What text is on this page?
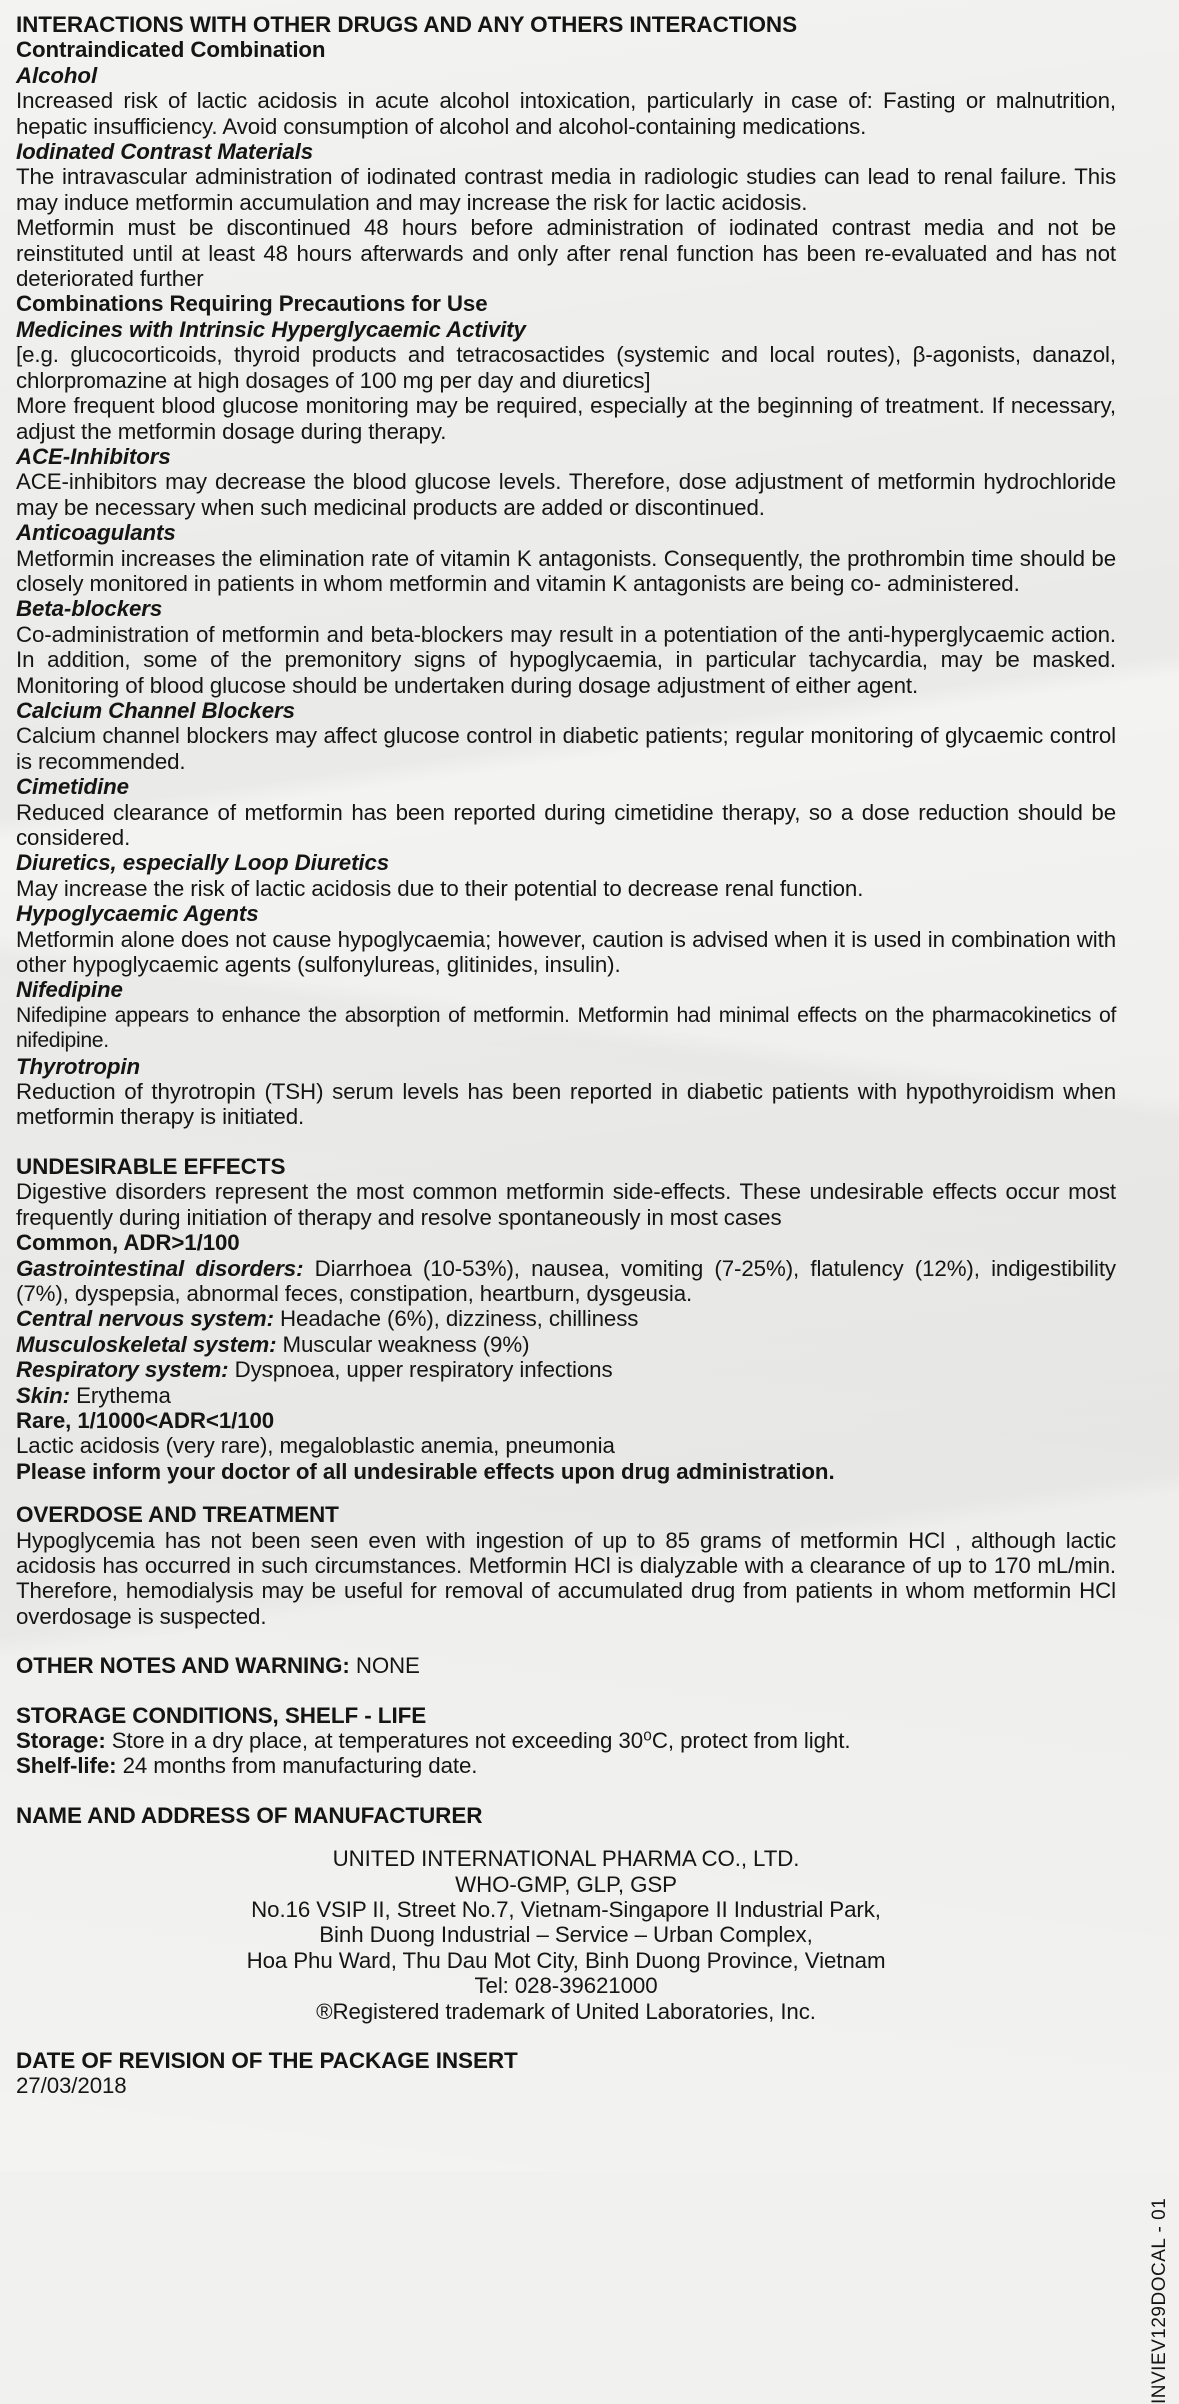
INTERACTIONS WITH OTHER DRUGS AND ANY OTHERS INTERACTIONS

Contraindicated Combination

Alcohol

Increased risk of lactic acidosis in acute alcohol intoxication, particularly in case of: Fasting or malnutrition, hepatic insufficiency. Avoid consumption of alcohol and alcohol-containing medications.

Iodinated Contrast Materials

The intravascular administration of iodinated contrast media in radiologic studies can lead to renal failure. This may induce metformin accumulation and may increase the risk for lactic acidosis.

Metformin must be discontinued 48 hours before administration of iodinated contrast media and not be reinstituted until at least 48 hours afterwards and only after renal function has been re-evaluated and has not deteriorated further

Combinations Requiring Precautions for Use

Medicines with Intrinsic Hyperglycaemic Activity

[e.g. glucocorticoids, thyroid products and tetracosactides (systemic and local routes), β-agonists, danazol, chlorpromazine at high dosages of 100 mg per day and diuretics]

More frequent blood glucose monitoring may be required, especially at the beginning of treatment. If necessary, adjust the metformin dosage during therapy.

ACE-Inhibitors

ACE-inhibitors may decrease the blood glucose levels. Therefore, dose adjustment of metformin hydrochloride may be necessary when such medicinal products are added or discontinued.

Anticoagulants

Metformin increases the elimination rate of vitamin K antagonists. Consequently, the prothrombin time should be closely monitored in patients in whom metformin and vitamin K antagonists are being co- administered.

Beta-blockers

Co-administration of metformin and beta-blockers may result in a potentiation of the anti-hyperglycaemic action. In addition, some of the premonitory signs of hypoglycaemia, in particular tachycardia, may be masked. Monitoring of blood glucose should be undertaken during dosage adjustment of either agent.

Calcium Channel Blockers

Calcium channel blockers may affect glucose control in diabetic patients; regular monitoring of glycaemic control is recommended.

Cimetidine

Reduced clearance of metformin has been reported during cimetidine therapy, so a dose reduction should be considered.

Diuretics, especially Loop Diuretics

May increase the risk of lactic acidosis due to their potential to decrease renal function.

Hypoglycaemic Agents

Metformin alone does not cause hypoglycaemia; however, caution is advised when it is used in combination with other hypoglycaemic agents (sulfonylureas, glitinides, insulin).

Nifedipine

Nifedipine appears to enhance the absorption of metformin. Metformin had minimal effects on the pharmacokinetics of nifedipine.

Thyrotropin

Reduction of thyrotropin (TSH) serum levels has been reported in diabetic patients with hypothyroidism when metformin therapy is initiated.

UNDESIRABLE EFFECTS

Digestive disorders represent the most common metformin side-effects. These undesirable effects occur most frequently during initiation of therapy and resolve spontaneously in most cases

Common, ADR>1/100

Gastrointestinal disorders: Diarrhoea (10-53%), nausea, vomiting (7-25%), flatulency (12%), indigestibility (7%), dyspepsia, abnormal feces, constipation, heartburn, dysgeusia.

Central nervous system: Headache (6%), dizziness, chilliness

Musculoskeletal system: Muscular weakness (9%)

Respiratory system: Dyspnoea, upper respiratory infections

Skin: Erythema

Rare, 1/1000<ADR<1/100

Lactic acidosis (very rare), megaloblastic anemia, pneumonia

Please inform your doctor of all undesirable effects upon drug administration.

OVERDOSE AND TREATMENT

Hypoglycemia has not been seen even with ingestion of up to 85 grams of metformin HCl , although lactic acidosis has occurred in such circumstances. Metformin HCl is dialyzable with a clearance of up to 170 mL/min. Therefore, hemodialysis may be useful for removal of accumulated drug from patients in whom metformin HCl overdosage is suspected.

OTHER NOTES AND WARNING: NONE

STORAGE CONDITIONS, SHELF - LIFE

Storage: Store in a dry place, at temperatures not exceeding 30⁰C, protect from light.

Shelf-life: 24 months from manufacturing date.

NAME AND ADDRESS OF MANUFACTURER

UNITED INTERNATIONAL PHARMA CO., LTD.

WHO-GMP, GLP, GSP

No.16 VSIP II, Street No.7, Vietnam-Singapore II Industrial Park,

Binh Duong Industrial – Service – Urban Complex,

Hoa Phu Ward, Thu Dau Mot City, Binh Duong Province, Vietnam

Tel: 028-39621000

®Registered trademark of United Laboratories, Inc.

DATE OF REVISION OF THE PACKAGE INSERT

27/03/2018

INVIEV129DOCAL - 01
